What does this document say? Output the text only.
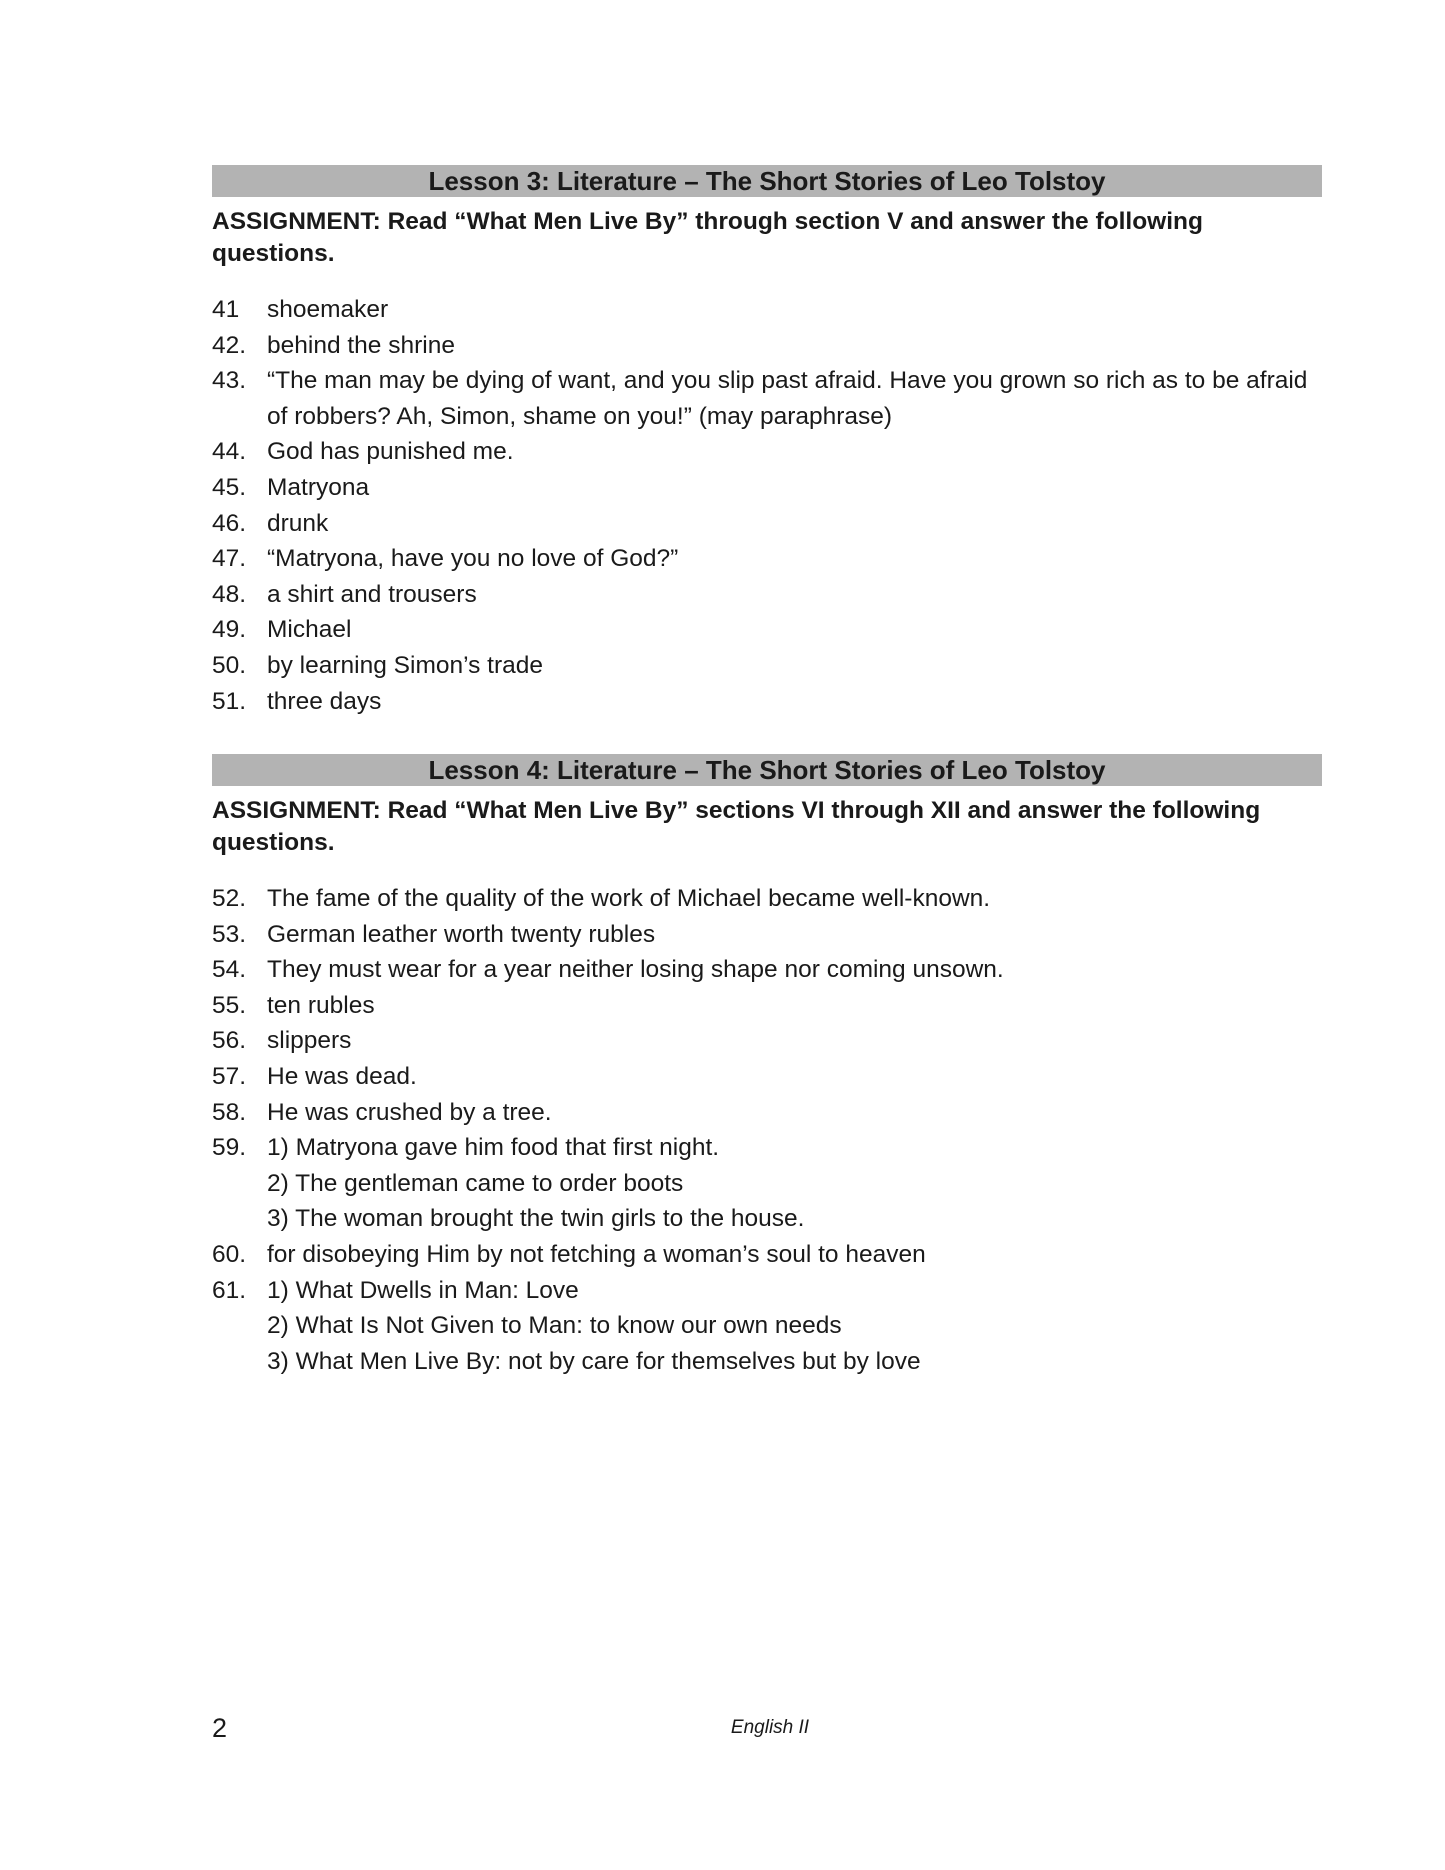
Lesson 3: Literature – The Short Stories of Leo Tolstoy

ASSIGNMENT: Read “What Men Live By” through section V and answer the following questions.

41	shoemaker
42. behind the shrine
43. “The man may be dying of want, and you slip past afraid. Have you grown so rich as to be afraid of robbers? Ah, Simon, shame on you!” (may paraphrase)
44. God has punished me.
45. Matryona
46. drunk
47. “Matryona, have you no love of God?”
48. a shirt and trousers
49. Michael
50. by learning Simon’s trade
51. three days
Lesson 4: Literature – The Short Stories of Leo Tolstoy

ASSIGNMENT: Read “What Men Live By” sections VI through XII and answer the following questions.

52. The fame of the quality of the work of Michael became well-known.
53. German leather worth twenty rubles
54. They must wear for a year neither losing shape nor coming unsown.
55. ten rubles
56. slippers
57. He was dead.
58. He was crushed by a tree.
59. 1) Matryona gave him food that first night.
2) The gentleman came to order boots
3) The woman brought the twin girls to the house.
60. for disobeying Him by not fetching a woman’s soul to heaven
61. 1) What Dwells in Man: Love
2) What Is Not Given to Man: to know our own needs
3) What Men Live By: not by care for themselves but by love
2	English II
